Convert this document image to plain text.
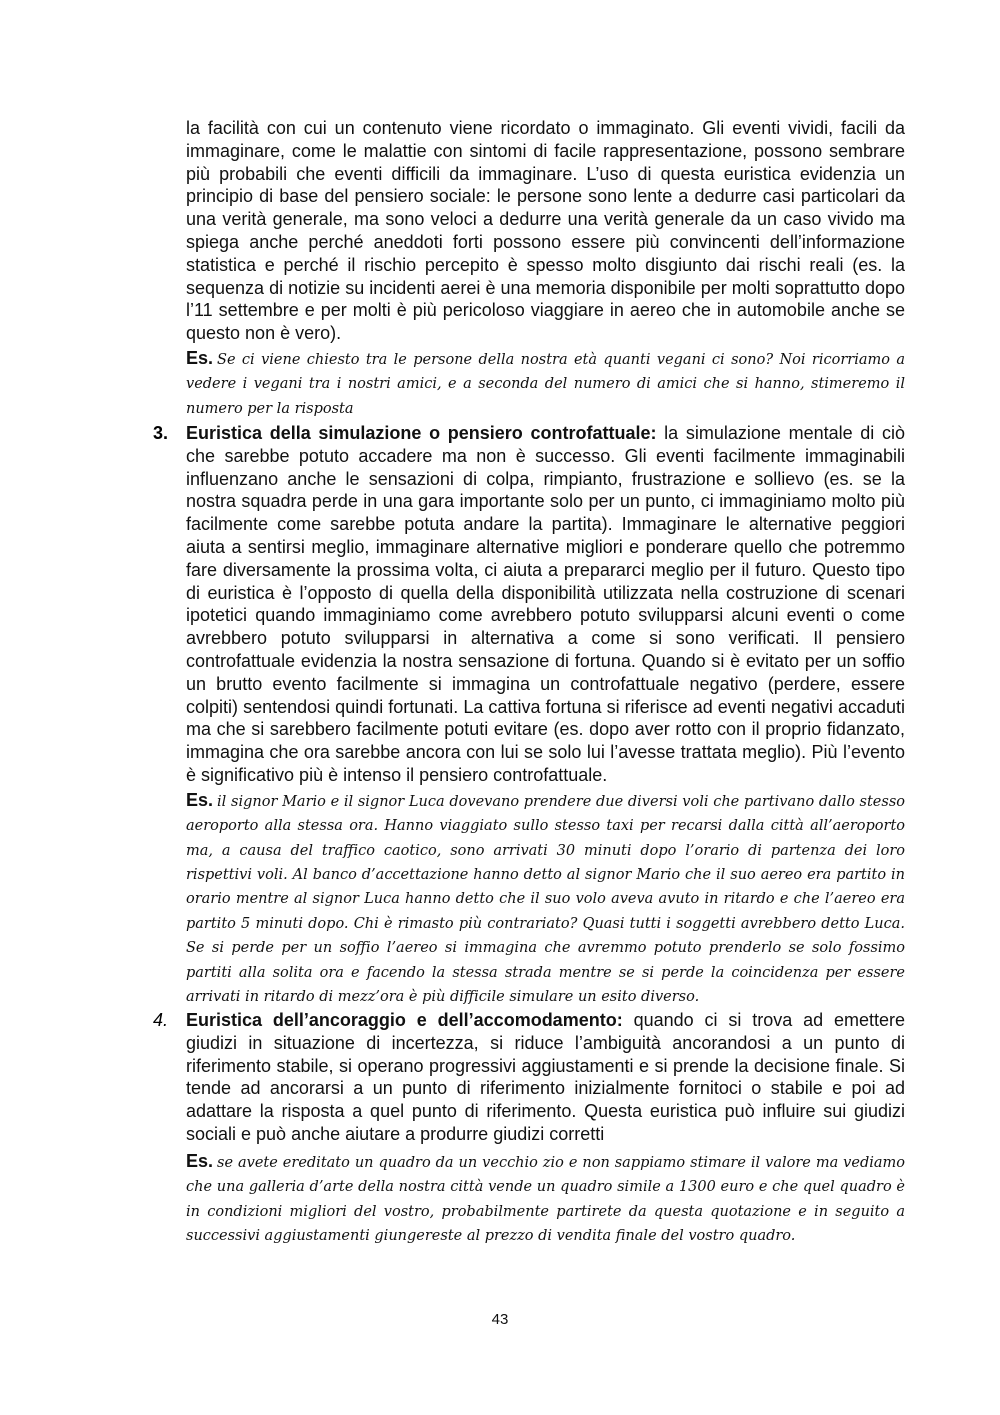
la facilità con cui un contenuto viene ricordato o immaginato. Gli eventi vividi, facili da immaginare, come le malattie con sintomi di facile rappresentazione, possono sembrare più probabili che eventi difficili da immaginare. L’uso di questa euristica evidenzia un principio di base del pensiero sociale: le persone sono lente a dedurre casi particolari da una verità generale, ma sono veloci a dedurre una verità generale da un caso vivido ma spiega anche perché aneddoti forti possono essere più convincenti dell’informazione statistica e perché il rischio percepito è spesso molto disgiunto dai rischi reali (es. la sequenza di notizie su incidenti aerei è una memoria disponibile per molti soprattutto dopo l’11 settembre e per molti è più pericoloso viaggiare in aereo che in automobile anche se questo non è vero).

Es. Se ci viene chiesto tra le persone della nostra età quanti vegani ci sono? Noi ricorriamo a vedere i vegani tra i nostri amici, e a seconda del numero di amici che si hanno, stimeremo il numero per la risposta

3. Euristica della simulazione o pensiero controfattuale: la simulazione mentale di ciò che sarebbe potuto accadere ma non è successo. Gli eventi facilmente immaginabili influenzano anche le sensazioni di colpa, rimpianto, frustrazione e sollievo (es. se la nostra squadra perde in una gara importante solo per un punto, ci immaginiamo molto più facilmente come sarebbe potuta andare la partita). Immaginare le alternative peggiori aiuta a sentirsi meglio, immaginare alternative migliori e ponderare quello che potremmo fare diversamente la prossima volta, ci aiuta a prepararci meglio per il futuro. Questo tipo di euristica è l’opposto di quella della disponibilità utilizzata nella costruzione di scenari ipotetici quando immaginiamo come avrebbero potuto svilupparsi alcuni eventi o come avrebbero potuto svilupparsi in alternativa a come si sono verificati. Il pensiero controfattuale evidenzia la nostra sensazione di fortuna. Quando si è evitato per un soffio un brutto evento facilmente si immagina un controfattuale negativo (perdere, essere colpiti) sentendosi quindi fortunati. La cattiva fortuna si riferisce ad eventi negativi accaduti ma che si sarebbero facilmente potuti evitare (es. dopo aver rotto con il proprio fidanzato, immagina che ora sarebbe ancora con lui se solo lui l’avesse trattata meglio). Più l’evento è significativo più è intenso il pensiero controfattuale.

Es. il signor Mario e il signor Luca dovevano prendere due diversi voli che partivano dallo stesso aeroporto alla stessa ora. Hanno viaggiato sullo stesso taxi per recarsi dalla città all’aeroporto ma, a causa del traffico caotico, sono arrivati 30 minuti dopo l’orario di partenza dei loro rispettivi voli. Al banco d’accettazione hanno detto al signor Mario che il suo aereo era partito in orario mentre al signor Luca hanno detto che il suo volo aveva avuto in ritardo e che l’aereo era partito 5 minuti dopo. Chi è rimasto più contrariato? Quasi tutti i soggetti avrebbero detto Luca. Se si perde per un soffio l’aereo si immagina che avremmo potuto prenderlo se solo fossimo partiti alla solita ora e facendo la stessa strada mentre se si perde la coincidenza per essere arrivati in ritardo di mezz’ora è più difficile simulare un esito diverso.

4. Euristica dell’ancoraggio e dell’accomodamento: quando ci si trova ad emettere giudizi in situazione di incertezza, si riduce l’ambiguità ancorandosi a un punto di riferimento stabile, si operano progressivi aggiustamenti e si prende la decisione finale. Si tende ad ancorarsi a un punto di riferimento inizialmente fornitoci o stabile e poi ad adattare la risposta a quel punto di riferimento. Questa euristica può influire sui giudizi sociali e può anche aiutare a produrre giudizi corretti

Es. se avete ereditato un quadro da un vecchio zio e non sappiamo stimare il valore ma vediamo che una galleria d’arte della nostra città vende un quadro simile a 1300 euro e che quel quadro è in condizioni migliori del vostro, probabilmente partirete da questa quotazione e in seguito a successivi aggiustamenti giungereste al prezzo di vendita finale del vostro quadro.

43
